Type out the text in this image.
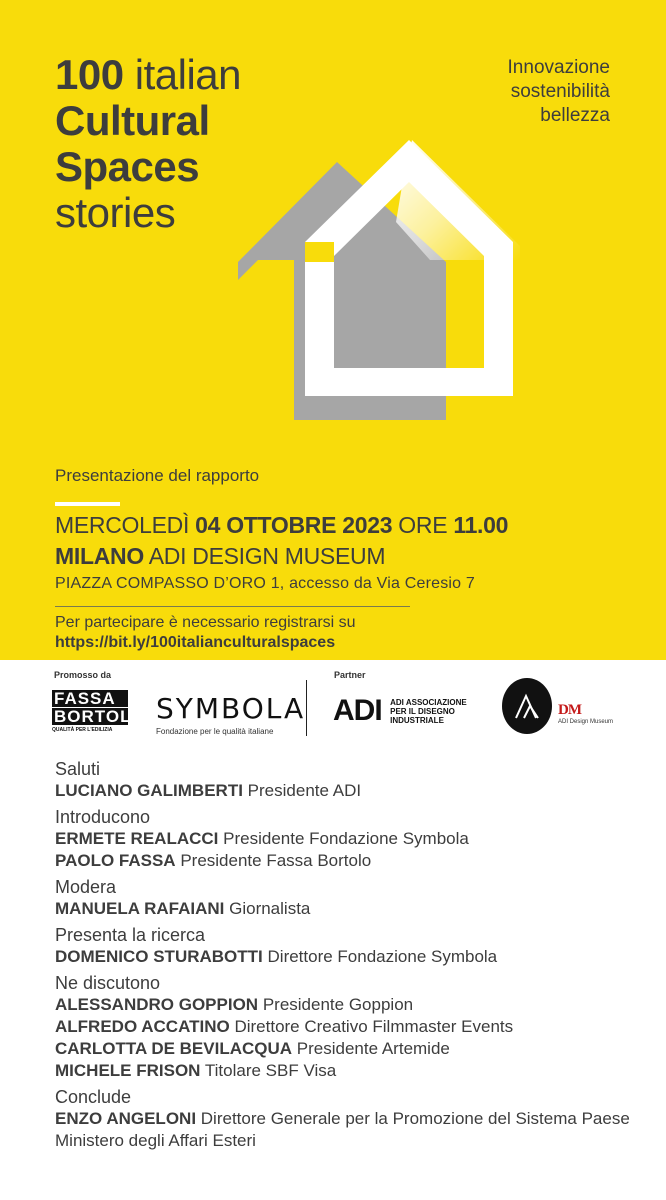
100 italian
Cultural
Spaces
stories
Innovazione
sostenibilità
bellezza
Presentazione del rapporto
MERCOLEDÌ 04 OTTOBRE 2023 ORE 11.00
MILANO ADI DESIGN MUSEUM
PIAZZA COMPASSO D’ORO 1, accesso da Via Ceresio 7
Per partecipare è necessario registrarsi su
https://bit.ly/100italianculturalspaces
Promosso da	Partner
FASSA
BORTOLO
QUALITÀ PER L'EDILIZIA
SYMBOLA
Fondazione per le qualità italiane
ADI ADI ASSOCIAZIONE PER IL DISEGNO INDUSTRIALE
DM
ADI Design Museum
Saluti
LUCIANO GALIMBERTI Presidente ADI
Introducono
ERMETE REALACCI Presidente Fondazione Symbola
PAOLO FASSA Presidente Fassa Bortolo
Modera
MANUELA RAFAIANI Giornalista
Presenta la ricerca
DOMENICO STURABOTTI Direttore Fondazione Symbola
Ne discutono
ALESSANDRO GOPPION Presidente Goppion
ALFREDO ACCATINO Direttore Creativo Filmmaster Events
CARLOTTA DE BEVILACQUA Presidente Artemide
MICHELE FRISON Titolare SBF Visa
Conclude
ENZO ANGELONI Direttore Generale per la Promozione del Sistema Paese Ministero degli Affari Esteri
